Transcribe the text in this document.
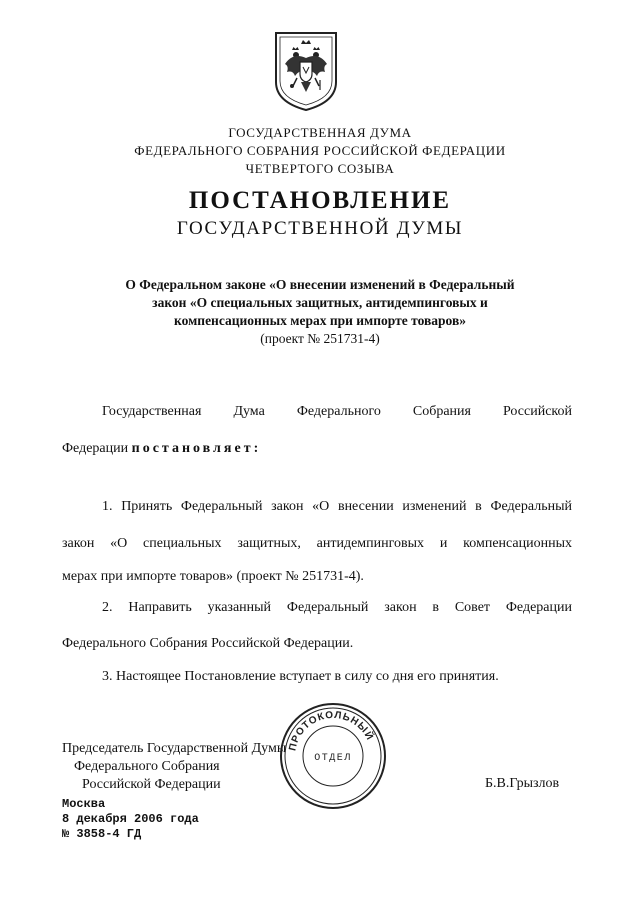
ГОСУДАРСТВЕННАЯ ДУМА
ФЕДЕРАЛЬНОГО СОБРАНИЯ РОССИЙСКОЙ ФЕДЕРАЦИИ
ЧЕТВЕРТОГО СОЗЫВА
ПОСТАНОВЛЕНИЕ
ГОСУДАРСТВЕННОЙ ДУМЫ
О Федеральном законе «О внесении изменений в Федеральный
закон «О специальных защитных, антидемпинговых и
компенсационных мерах при импорте товаров»
(проект № 251731-4)
Государственная Дума Федерального Собрания Российской
Федерации постановляет:
1. Принять Федеральный закон «О внесении изменений в Федеральный
закон «О специальных защитных, антидемпинговых и компенсационных
мерах при импорте товаров» (проект № 251731-4).
2. Направить указанный Федеральный закон в Совет Федерации
Федерального Собрания Российской Федерации.
3. Настоящее Постановление вступает в силу со дня его принятия.
Председатель Государственной Думы
Федерального Собрания
Российской Федерации	Б.В.Грызлов
ПРОТОКОЛЬНЫЙ
ОТДЕЛ
Москва
8 декабря 2006 года
№ 3858-4 ГД
